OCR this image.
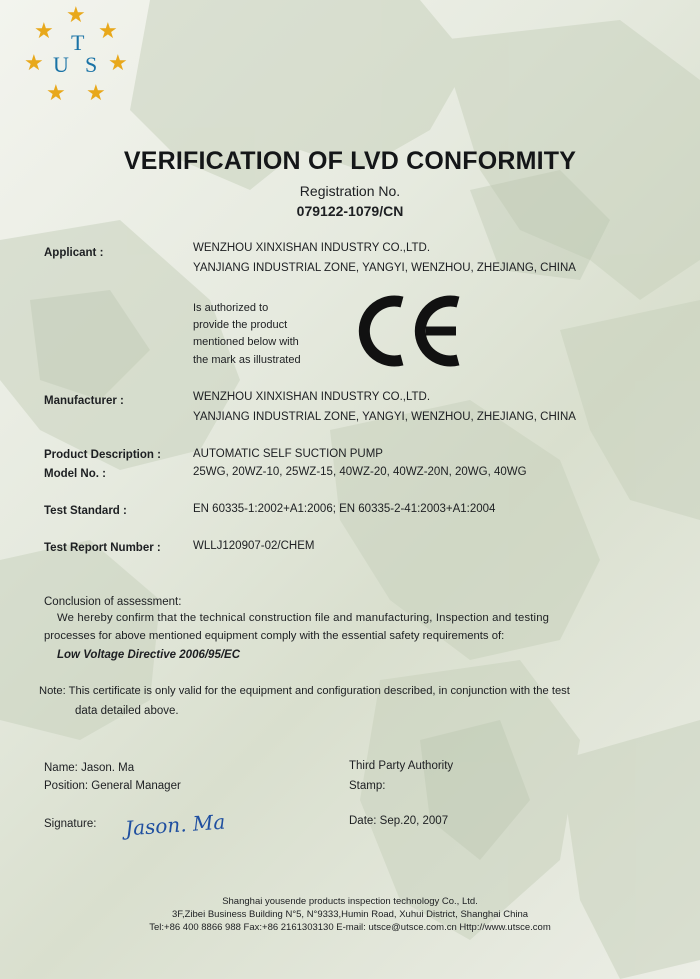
★
★ ★
★	★
★ ★
T
U S
VERIFICATION OF LVD CONFORMITY
Registration No.
079122-1079/CN
Applicant :	WENZHOU XINXISHAN INDUSTRY CO.,LTD.
YANJIANG INDUSTRIAL ZONE, YANGYI, WENZHOU, ZHEJIANG, CHINA
Is authorized to
provide the product
mentioned below with
the mark as illustrated
Manufacturer :	WENZHOU XINXISHAN INDUSTRY CO.,LTD.
YANJIANG INDUSTRIAL ZONE, YANGYI, WENZHOU, ZHEJIANG, CHINA
Product Description :	AUTOMATIC SELF SUCTION PUMP
Model No. :	25WG, 20WZ-10, 25WZ-15, 40WZ-20, 40WZ-20N, 20WG, 40WG
Test Standard :	EN 60335-1:2002+A1:2006; EN 60335-2-41:2003+A1:2004
Test Report Number :	WLLJ120907-02/CHEM
Conclusion of assessment:
We hereby confirm that the technical construction file and manufacturing, Inspection and testing
processes for above mentioned equipment comply with the essential safety requirements of:
Low Voltage Directive 2006/95/EC
Note: This certificate is only valid for the equipment and configuration described, in conjunction with the test
data detailed above.
Name: Jason. Ma
Position: General Manager
Signature: Jason. Ma
Third Party Authority
Stamp:
Date: Sep.20, 2007
Shanghai yousende products inspection technology Co., Ltd.
3F,Zibei Business Building N°5, N°9333,Humin Road, Xuhui District, Shanghai China
Tel:+86 400 8866 988 Fax:+86 2161303130 E-mail: utsce@utsce.com.cn Http://www.utsce.com
